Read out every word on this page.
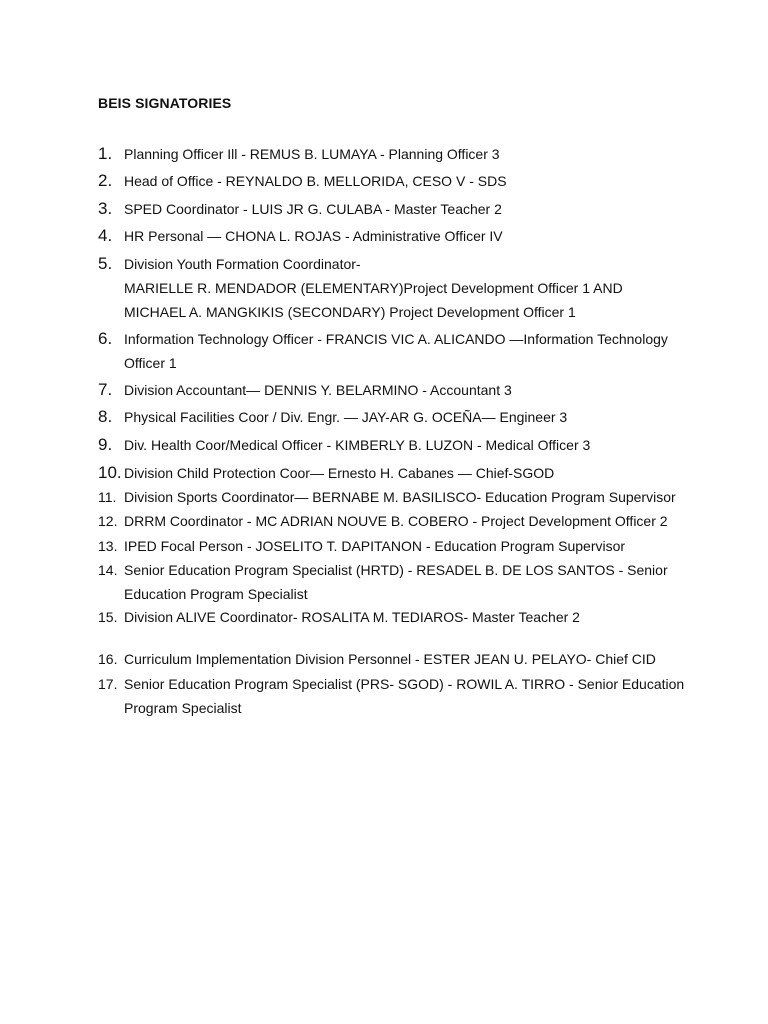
BEIS SIGNATORIES
1. Planning Officer Ill - REMUS B. LUMAYA - Planning Officer 3
2. Head of Office - REYNALDO B. MELLORIDA, CESO V - SDS
3. SPED Coordinator - LUIS JR G. CULABA - Master Teacher 2
4. HR Personal — CHONA L. ROJAS - Administrative Officer IV
5. Division Youth Formation Coordinator-
MARIELLE R. MENDADOR (ELEMENTARY)Project Development Officer 1 AND
MICHAEL A. MANGKIKIS (SECONDARY) Project Development Officer 1
6. Information Technology Officer - FRANCIS VIC A. ALICANDO —Information Technology
Officer 1
7. Division Accountant— DENNIS Y. BELARMINO - Accountant 3
8. Physical Facilities Coor / Div. Engr. — JAY-AR G. OCEÑA— Engineer 3
9. Div. Health Coor/Medical Officer - KIMBERLY B. LUZON - Medical Officer 3
10. Division Child Protection Coor— Ernesto H. Cabanes — Chief-SGOD
11. Division Sports Coordinator— BERNABE M. BASILISCO- Education Program Supervisor
12. DRRM Coordinator - MC ADRIAN NOUVE B. COBERO - Project Development Officer 2
13. IPED Focal Person - JOSELITO T. DAPITANON - Education Program Supervisor
14. Senior Education Program Specialist (HRTD) - RESADEL B. DE LOS SANTOS - Senior
Education Program Specialist
15. Division ALIVE Coordinator- ROSALITA M. TEDIAROS- Master Teacher 2
16. Curriculum Implementation Division Personnel - ESTER JEAN U. PELAYO- Chief CID
17. Senior Education Program Specialist (PRS- SGOD) - ROWIL A. TIRRO - Senior Education
Program Specialist
